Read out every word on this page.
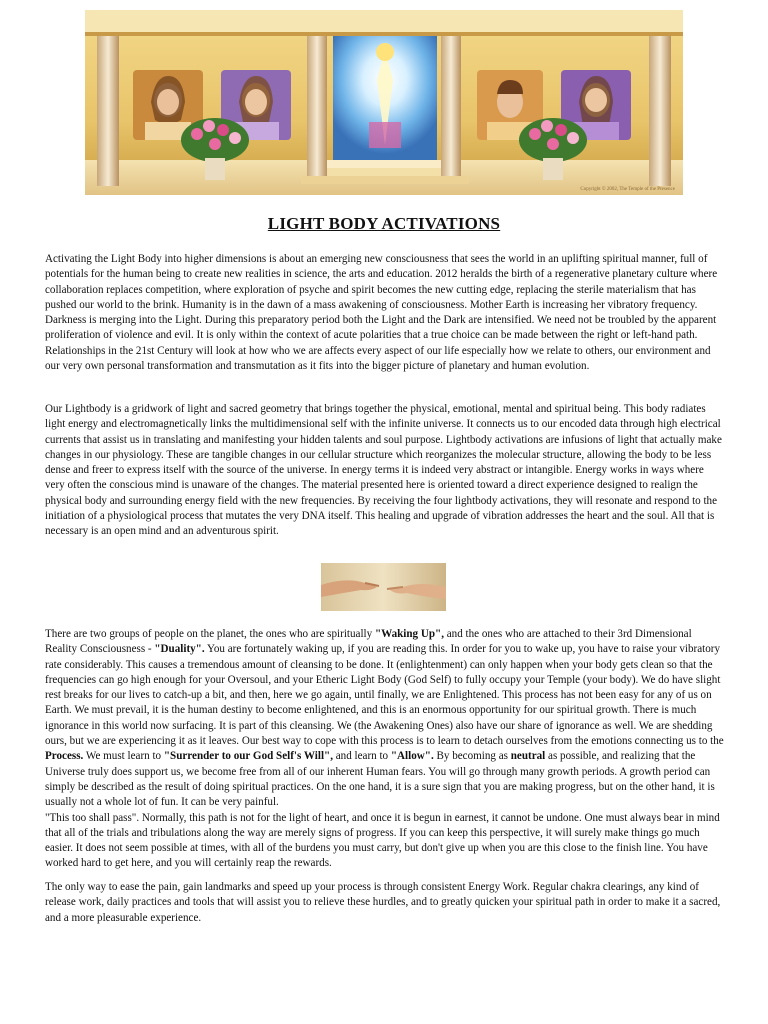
Copyright © 2002, The Temple of the Presence
LIGHT BODY ACTIVATIONS

Activating the Light Body into higher dimensions is about an emerging new consciousness that sees the world in an uplifting spiritual manner, full of potentials for the human being to create new realities in science, the arts and education. 2012 heralds the birth of a regenerative planetary culture where collaboration replaces competition, where exploration of psyche and spirit becomes the new cutting edge, replacing the sterile materialism that has pushed our world to the brink. Humanity is in the dawn of a mass awakening of consciousness. Mother Earth is increasing her vibratory frequency. Darkness is merging into the Light. During this preparatory period both the Light and the Dark are intensified. We need not be troubled by the apparent proliferation of violence and evil. It is only within the context of acute polarities that a true choice can be made between the right or left-hand path. Relationships in the 21st Century will look at how who we are affects every aspect of our life especially how we relate to others, our environment and our very own personal transformation and transmutation as it fits into the bigger picture of planetary and human evolution.

Our Lightbody is a gridwork of light and sacred geometry that brings together the physical, emotional, mental and spiritual being. This body radiates light energy and electromagnetically links the multidimensional self with the infinite universe. It connects us to our encoded data through high electrical currents that assist us in translating and manifesting your hidden talents and soul purpose. Lightbody activations are infusions of light that actually make changes in our physiology. These are tangible changes in our cellular structure which reorganizes the molecular structure, allowing the body to be less dense and freer to express itself with the source of the universe. In energy terms it is indeed very abstract or intangible. Energy works in ways where very often the conscious mind is unaware of the changes. The material presented here is oriented toward a direct experience designed to realign the physical body and surrounding energy field with the new frequencies. By receiving the four lightbody activations, they will resonate and respond to the initiation of a physiological process that mutates the very DNA itself. This healing and upgrade of vibration addresses the heart and the soul. All that is necessary is an open mind and an adventurous spirit.

There are two groups of people on the planet, the ones who are spiritually "Waking Up", and the ones who are attached to their 3rd Dimensional Reality Consciousness - "Duality". You are fortunately waking up, if you are reading this. In order for you to wake up, you have to raise your vibratory rate considerably. This causes a tremendous amount of cleansing to be done. It (enlightenment) can only happen when your body gets clean so that the frequencies can go high enough for your Oversoul, and your Etheric Light Body (God Self) to fully occupy your Temple (your body). We do have slight rest breaks for our lives to catch-up a bit, and then, here we go again, until finally, we are Enlightened. This process has not been easy for any of us on Earth. We must prevail, it is the human destiny to become enlightened, and this is an enormous opportunity for our spiritual growth. There is much ignorance in this world now surfacing. It is part of this cleansing. We (the Awakening Ones) also have our share of ignorance as well. We are shedding ours, but we are experiencing it as it leaves. Our best way to cope with this process is to learn to detach ourselves from the emotions connecting us to the Process. We must learn to "Surrender to our God Self's Will", and learn to "Allow". By becoming as neutral as possible, and realizing that the Universe truly does support us, we become free from all of our inherent Human fears. You will go through many growth periods. A growth period can simply be described as the result of doing spiritual practices. On the one hand, it is a sure sign that you are making progress, but on the other hand, it is usually not a whole lot of fun. It can be very painful.
"This too shall pass". Normally, this path is not for the light of heart, and once it is begun in earnest, it cannot be undone. One must always bear in mind that all of the trials and tribulations along the way are merely signs of progress. If you can keep this perspective, it will surely make things go much easier. It does not seem possible at times, with all of the burdens you must carry, but don't give up when you are this close to the finish line. You have worked hard to get here, and you will certainly reap the rewards.

The only way to ease the pain, gain landmarks and speed up your process is through consistent Energy Work. Regular chakra clearings, any kind of release work, daily practices and tools that will assist you to relieve these hurdles, and to greatly quicken your spiritual path in order to make it a sacred, and a more pleasurable experience.
